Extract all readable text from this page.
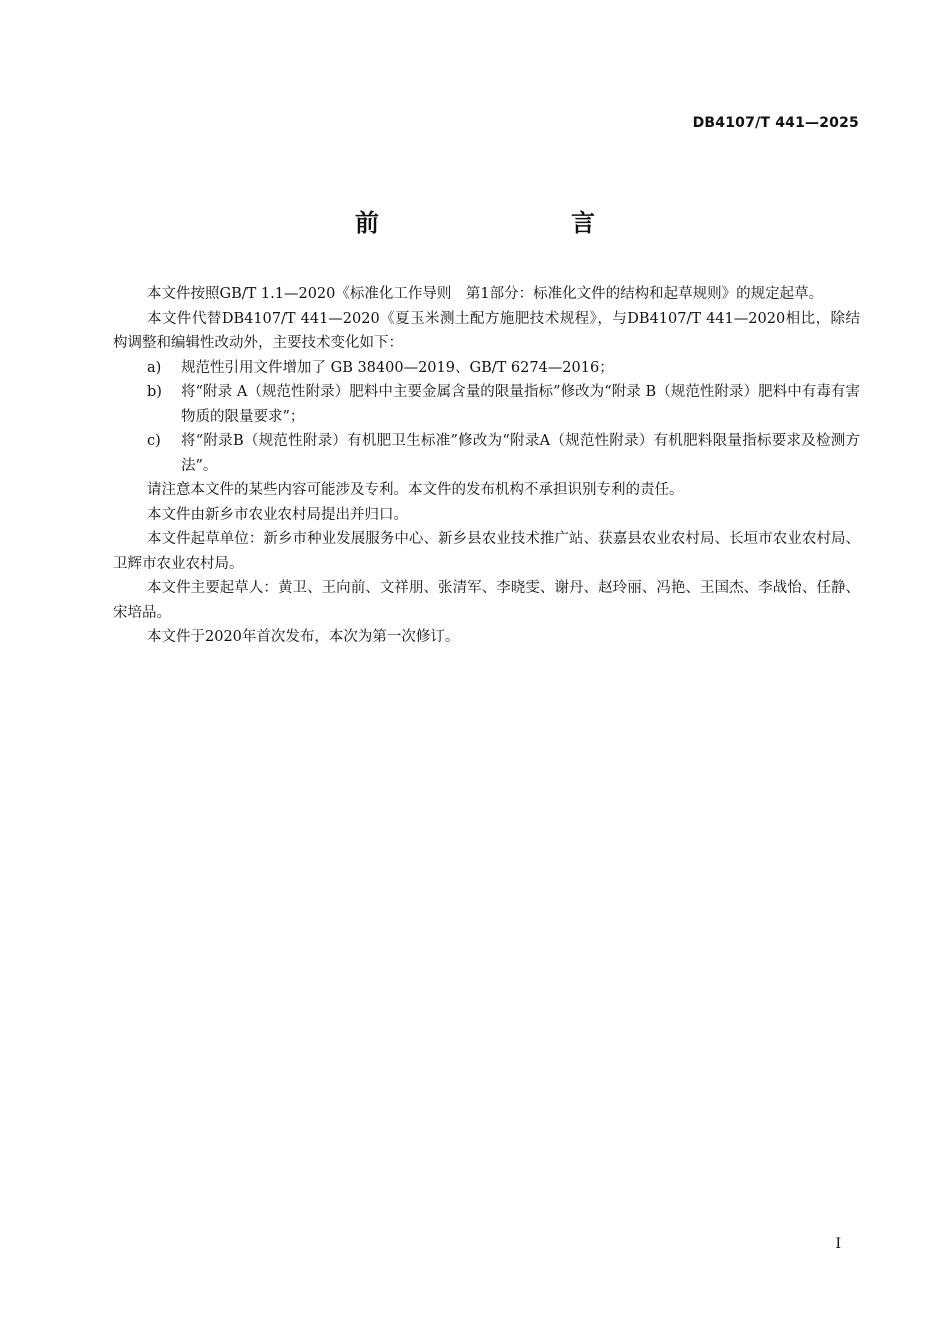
DB4107/T 441—2025
前　　言

本文件按照GB/T 1.1—2020《标准化工作导则　第1部分：标准化文件的结构和起草规则》的规定起草。

本文件代替DB4107/T 441—2020《夏玉米测土配方施肥技术规程》，与DB4107/T 441—2020相比，除结构调整和编辑性改动外，主要技术变化如下：

a) 规范性引用文件增加了 GB 38400—2019、GB/T 6274—2016；
b) 将“附录 A（规范性附录）肥料中主要金属含量的限量指标”修改为“附录 B（规范性附录）肥料中有毒有害物质的限量要求”；
c) 将“附录B（规范性附录）有机肥卫生标准”修改为“附录A（规范性附录）有机肥料限量指标要求及检测方法”。

请注意本文件的某些内容可能涉及专利。本文件的发布机构不承担识别专利的责任。

本文件由新乡市农业农村局提出并归口。

本文件起草单位：新乡市种业发展服务中心、新乡县农业技术推广站、获嘉县农业农村局、长垣市农业农村局、卫辉市农业农村局。

本文件主要起草人：黄卫、王向前、文祥朋、张清军、李晓雯、谢丹、赵玲丽、冯艳、王国杰、李战怡、任静、宋培品。

本文件于2020年首次发布，本次为第一次修订。

I
